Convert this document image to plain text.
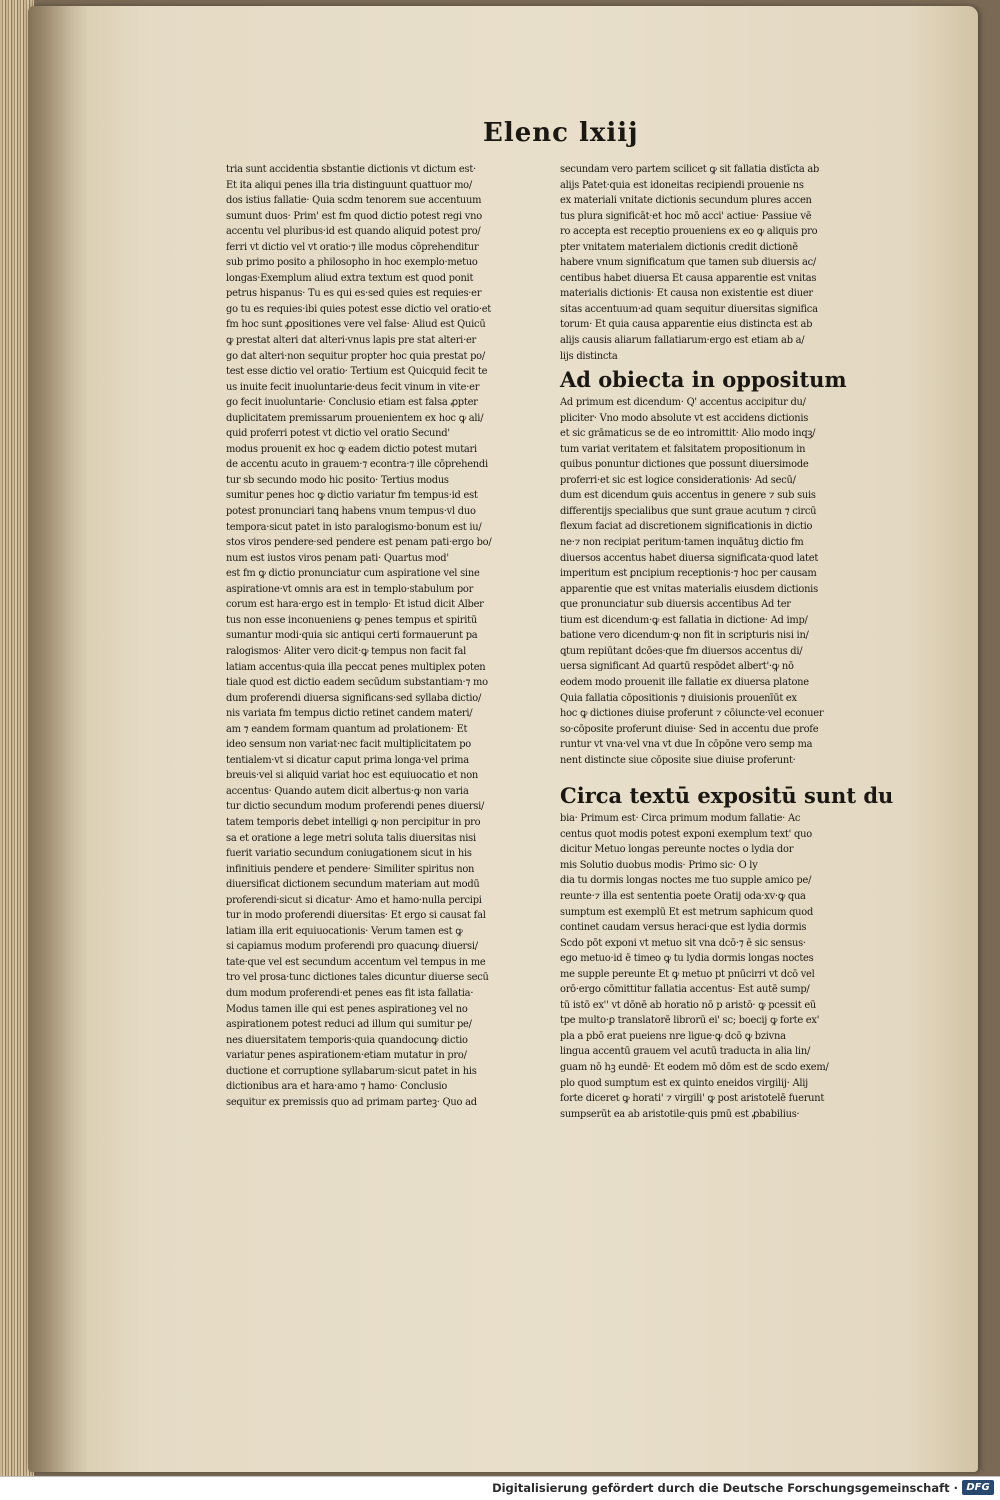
Elenc lxiij
tria sunt accidentia sbstantie dictionis vt dictum est·
Et ita aliqui penes illa tria distinguunt quattuor mo/
dos istius fallatie· Quia scdm tenorem sue accentuum
sumunt duos· Prim' est fm quod dictio potest regi vno
accentu vel pluribus·id est quando aliquid potest pro/
ferri vt dictio vel vt oratio·⁊ ille modus cōprehenditur
sub primo posito a philosopho in hoc exemplo·metuo
longas·Exemplum aliud extra textum est quod ponit
petrus hispanus· Tu es qui es·sed quies est requies·er
go tu es requies·ibi quies potest esse dictio vel oratio·et
fm hoc sunt ꝓpositiones vere vel false· Aliud est Quicū
ꝙ prestat alteri dat alteri·vnus lapis pre stat alteri·er
go dat alteri·non sequitur propter hoc quia prestat po/
test esse dictio vel oratio· Tertium est Quicquid fecit te
us inuite fecit inuoluntarie·deus fecit vinum in vite·er
go fecit inuoluntarie· Conclusio etiam est falsa ꝓpter
duplicitatem premissarum prouenientem ex hoc ꝙ ali/
quid proferri potest vt dictio vel oratio Secund'
modus prouenit ex hoc ꝙ eadem dictio potest mutari
de accentu acuto in grauem·⁊ econtra·⁊ ille cōprehendi
tur sb secundo modo hic posito· Tertius modus
sumitur penes hoc ꝙ dictio variatur fm tempus·id est
potest pronunciari tanꝗ habens vnum tempus·vl duo
tempora·sicut patet in isto paralogismo·bonum est iu/
stos viros pendere·sed pendere est penam pati·ergo bo/
num est iustos viros penam pati· Quartus mod'
est fm ꝙ dictio pronunciatur cum aspiratione vel sine
aspiratione·vt omnis ara est in templo·stabulum por
corum est hara·ergo est in templo· Et istud dicit Alber
tus non esse inconueniens ꝙ penes tempus et spiritū
sumantur modi·quia sic antiqui certi formauerunt pa
ralogismos· Aliter vero dicit·ꝙ tempus non facit fal
latiam accentus·quia illa peccat penes multiplex poten
tiale quod est dictio eadem secūdum substantiam·⁊ mo
dum proferendi diuersa significans·sed syllaba dictio/
nis variata fm tempus dictio retinet candem materi/
am ⁊ eandem formam quantum ad prolationem· Et
ideo sensum non variat·nec facit multiplicitatem po
tentialem·vt si dicatur caput prima longa·vel prima
breuis·vel si aliquid variat hoc est equiuocatio et non
accentus· Quando autem dicit albertus·ꝙ non varia
tur dictio secundum modum proferendi penes diuersi/
tatem temporis debet intelligi ꝙ non percipitur in pro
sa et oratione a lege metri soluta talis diuersitas nisi
fuerit variatio secundum coniugationem sicut in his
infinitiuis pendere et pendere· Similiter spiritus non
diuersificat dictionem secundum materiam aut modū
proferendi·sicut si dicatur· Amo et hamo·nulla percipi
tur in modo proferendi diuersitas· Et ergo si causat fal
latiam illa erit equiuocationis· Verum tamen est ꝙ
si capiamus modum proferendi pro quacunꝙ diuersi/
tate·que vel est secundum accentum vel tempus in me
tro vel prosa·tunc dictiones tales dicuntur diuerse secū
dum modum proferendi·et penes eas fit ista fallatia·
Modus tamen ille qui est penes aspirationeꝫ vel no
aspirationem potest reduci ad illum qui sumitur pe/
nes diuersitatem temporis·quia quandocunꝙ dictio
variatur penes aspirationem·etiam mutatur in pro/
ductione et corruptione syllabarum·sicut patet in his
dictionibus ara et hara·amo ⁊ hamo· Conclusio
sequitur ex premissis quo ad primam parteꝫ· Quo ad
secundam vero partem scilicet ꝙ sit fallatia distīcta ab
alijs Patet·quia est idoneitas recipiendi prouenie ns
ex materiali vnitate dictionis secundum plures accen
tus plura significāt·et hoc mō acci' actiue· Passiue vē
ro accepta est receptio proueniens ex eo ꝙ aliquis pro
pter vnitatem materialem dictionis credit dictionē
habere vnum significatum que tamen sub diuersis ac/
centibus habet diuersa Et causa apparentie est vnitas
materialis dictionis· Et causa non existentie est diuer
sitas accentuum·ad quam sequitur diuersitas significa
torum· Et quia causa apparentie eius distincta est ab
alijs causis aliarum fallatiarum·ergo est etiam ab a/
lijs distincta
Ad obiecta in oppositum
Ad primum est dicendum· Q' accentus accipitur du/
pliciter· Vno modo absolute vt est accidens dictionis
et sic grāmaticus se de eo intromittit· Alio modo inqꝫ/
tum variat veritatem et falsitatem propositionum in
quibus ponuntur dictiones que possunt diuersimode
proferri·et sic est logice considerationis· Ad secū/
dum est dicendum ꝙuis accentus in genere ⁊ sub suis
differentijs specialibus que sunt graue acutum ⁊ circū
flexum faciat ad discretionem significationis in dictio
ne·⁊ non recipiat peritum·tamen inquātuꝫ dictio fm
diuersos accentus habet diuersa significata·quod latet
imperitum est ꝑncipium receptionis·⁊ hoc per causam
apparentie que est vnitas materialis eiusdem dictionis
que pronunciatur sub diuersis accentibus Ad ter
tium est dicendum·ꝙ est fallatia in dictione· Ad imp/
batione vero dicendum·ꝙ non fit in scripturis nisi in/
ꝗtum repiūtant dcōes·que fm diuersos accentus di/
uersa significant Ad quartū respōdet albert'·ꝙ nō
eodem modo prouenit ille fallatie ex diuersa platone
Quia fallatia cōpositionis ⁊ diuisionis prouenīūt ex
hoc ꝙ dictiones diuise proferunt ⁊ cōiuncte·vel econuer
so·cōposite proferunt diuise· Sed in accentu due profe
runtur vt vna·vel vna vt due In cōpōne vero semp ma
nent distincte siue cōposite siue diuise proferunt·
Circa textū expositū sunt du
bia· Primum est· Circa primum modum fallatie· Ac
centus quot modis potest exponi exemplum text' quo
dicitur Metuo longas pereunte noctes o lydia dor
mis Solutio duobus modis· Primo sic· O ly
dia tu dormis longas noctes me tuo supple amico pe/
reunte·⁊ illa est sententia poete Oratij oda·xv·ꝙ qua
sumptum est exemplū Et est metrum saphicum quod
continet caudam versus heraci·que est lydia dormis
Scdo pōt exponi vt metuo sit vna dcō·⁊ ē sic sensus·
ego metuo·id ē timeo ꝙ tu lydia dormis longas noctes
me supple pereunte Et ꝙ metuo pt pnūcirri vt dcō vel
orō·ergo cōmittitur fallatia accentus· Est autē sump/
tū istō ex'' vt dōnē ab horatio nō p aristō· ꝙ pcessit eū
tpe multo·ꝑ translatorē librorū ei' sc; boecij ꝙ forte ex'
pla a pbō erat pueiens nre ligue·ꝙ dcō ꝙ bzivna
lingua accentū grauem vel acutū traducta in alia lin/
guam nō hꝫ eundē· Et eodem mō dōm est de scdo exem/
plo quod sumptum est ex quinto eneidos virgilij· Alij
forte diceret ꝙ horati' ⁊ virgili' ꝙ post aristotelē fuerunt
sumpserūt ea ab aristotile·quis pmū est ꝓbabilius·
Digitalisierung gefördert durch die Deutsche Forschungsgemeinschaft · DFG
